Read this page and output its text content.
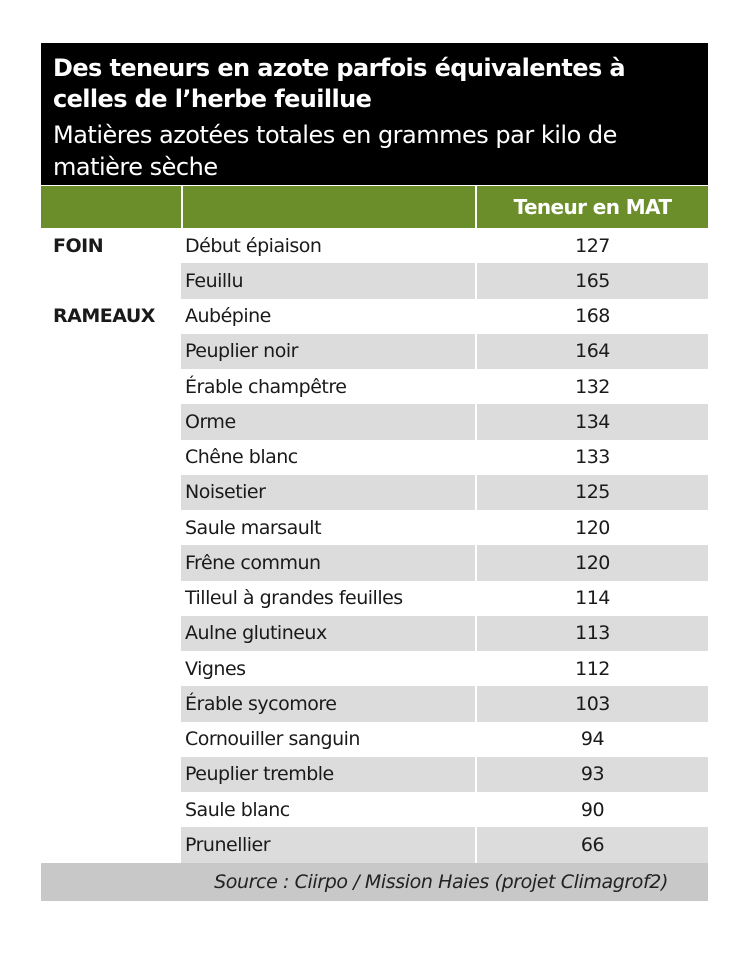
Des teneurs en azote parfois équivalentes à celles de l’herbe feuillue
Matières azotées totales en grammes par kilo de matière sèche
Teneur en MAT
FOIN	Début épiaison	127
Feuillu	165
RAMEAUX	Aubépine	168
Peuplier noir	164
Érable champêtre	132
Orme	134
Chêne blanc	133
Noisetier	125
Saule marsault	120
Frêne commun	120
Tilleul à grandes feuilles	114
Aulne glutineux	113
Vignes	112
Érable sycomore	103
Cornouiller sanguin	94
Peuplier tremble	93
Saule blanc	90
Prunellier	66
Source : Ciirpo / Mission Haies (projet Climagrof2)
